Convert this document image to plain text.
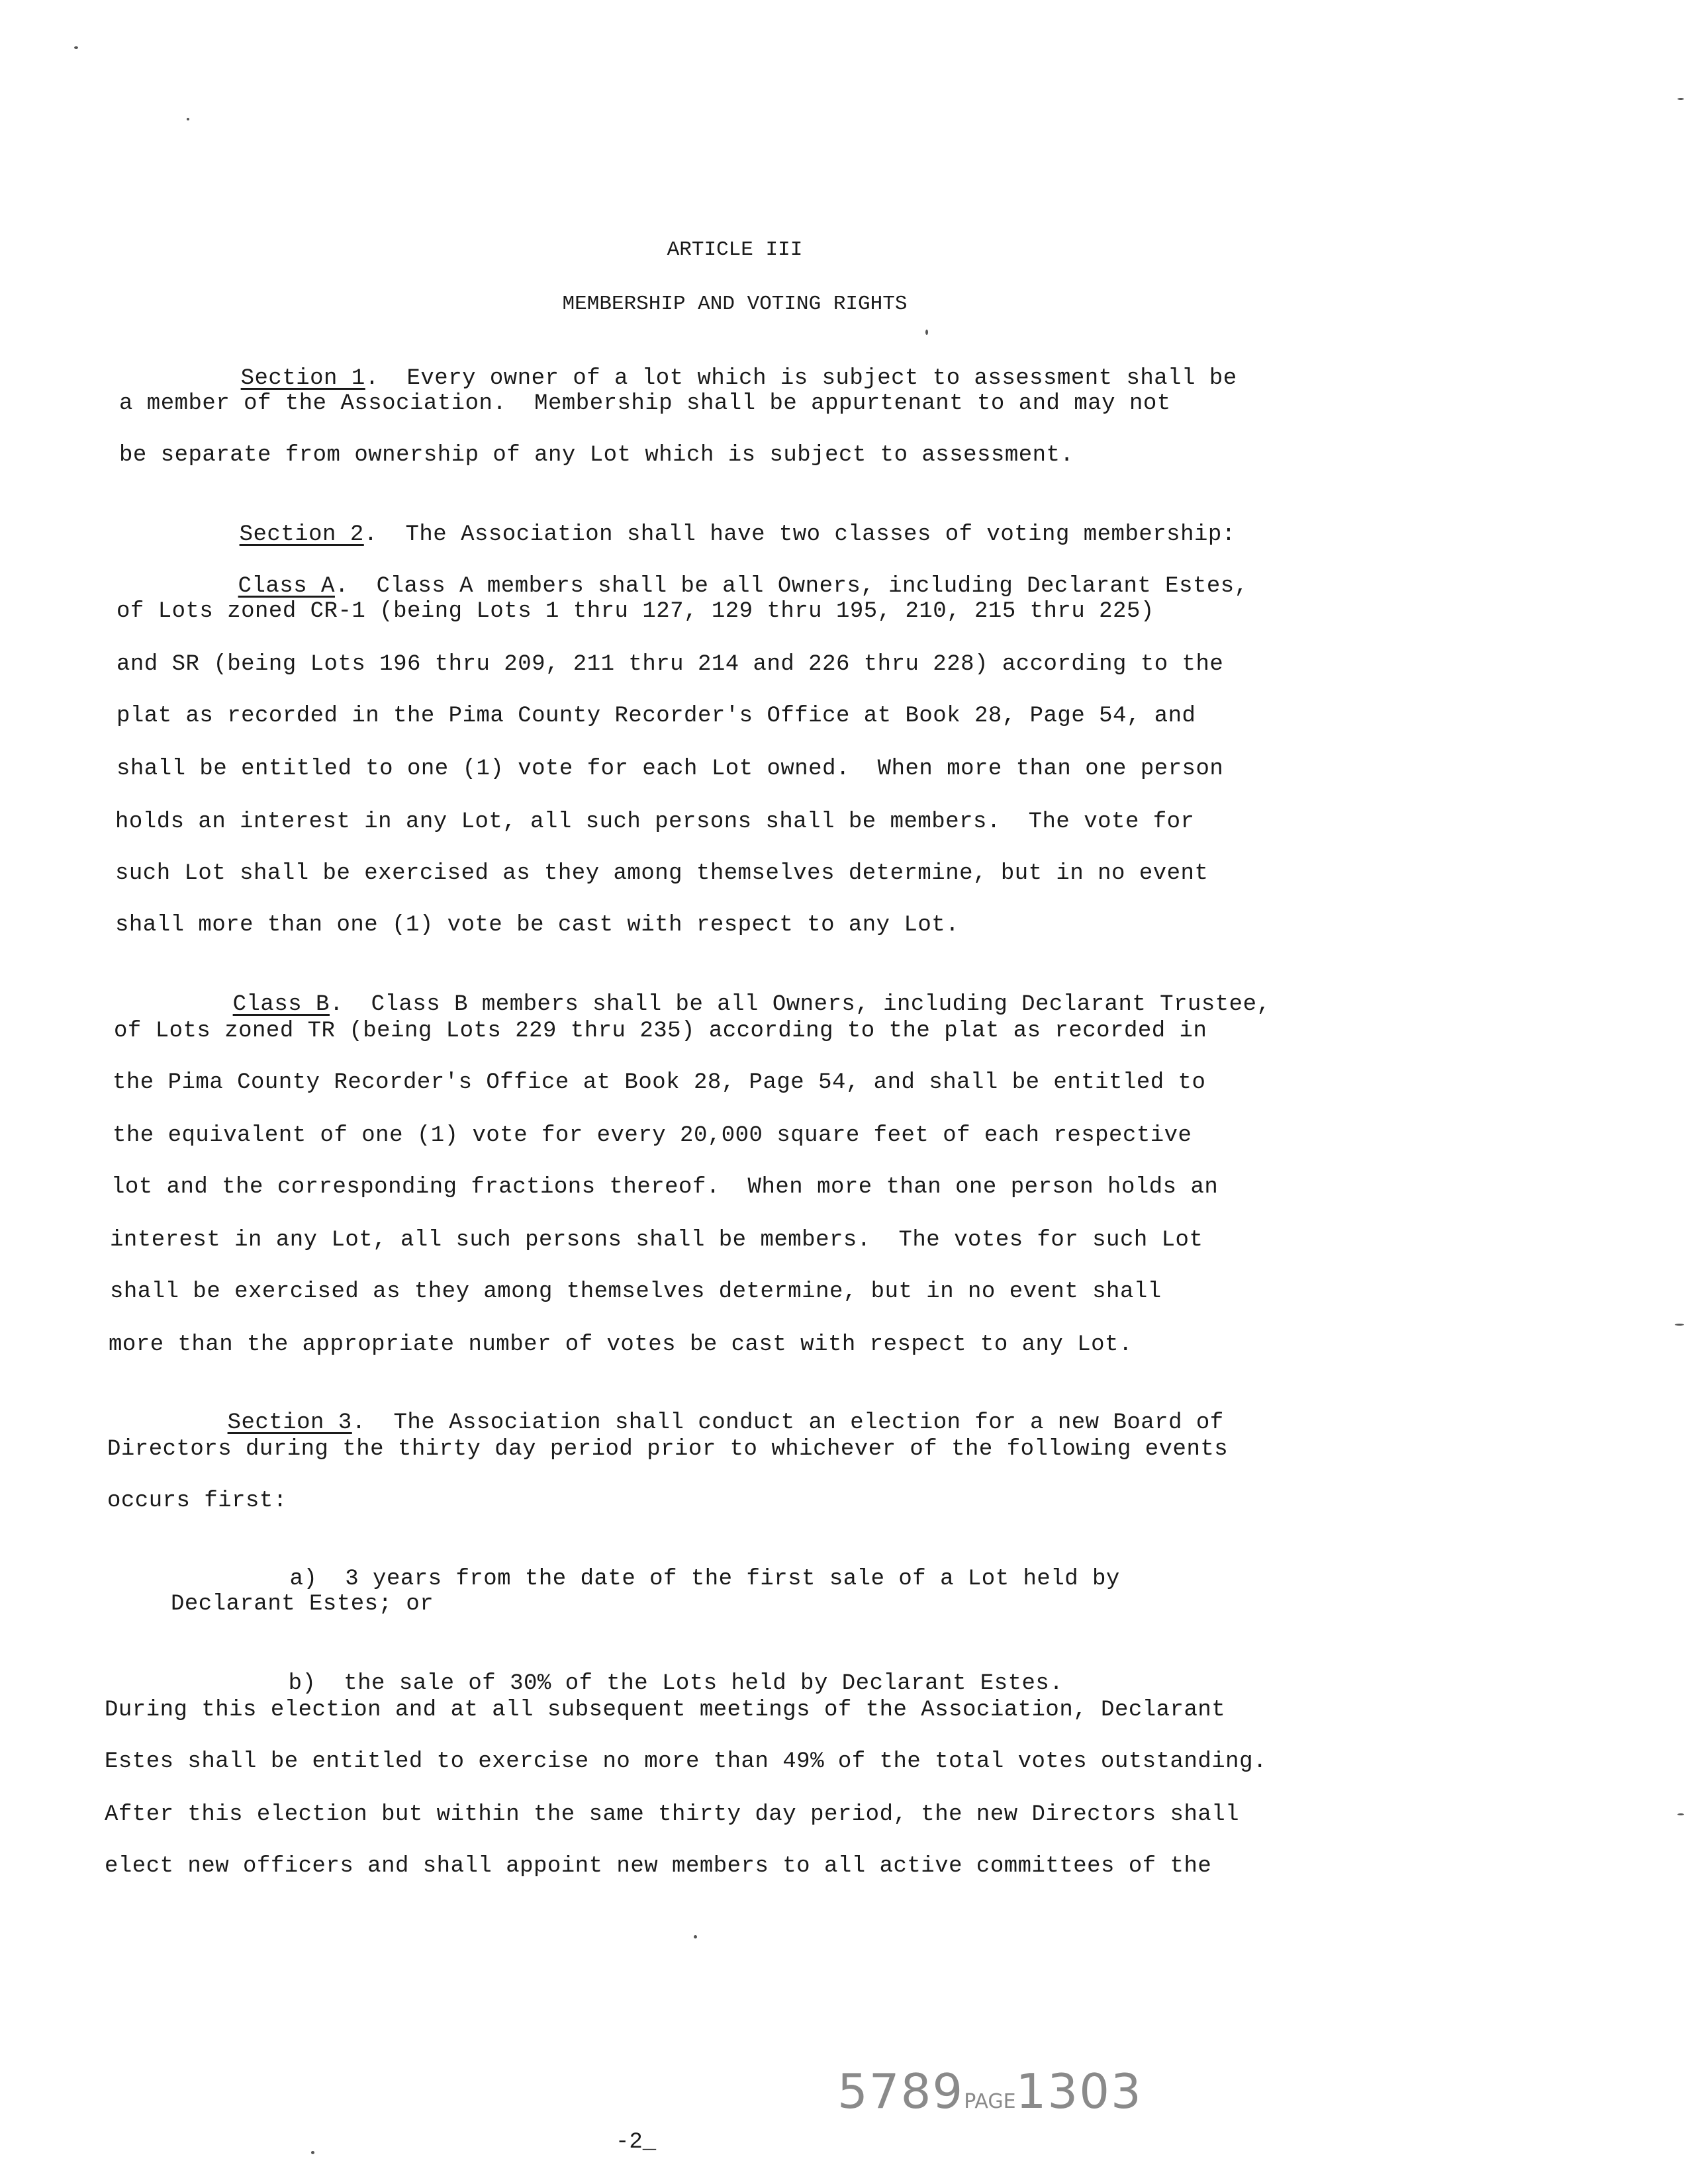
ARTICLE III
MEMBERSHIP AND VOTING RIGHTS

Section 1.  Every owner of a lot which is subject to assessment shall be

a member of the Association.  Membership shall be appurtenant to and may not
be separate from ownership of any Lot which is subject to assessment.

Section 2.  The Association shall have two classes of voting membership:

Class A.  Class A members shall be all Owners, including Declarant Estes,

of Lots zoned CR-1 (being Lots 1 thru 127, 129 thru 195, 210, 215 thru 225)
and SR (being Lots 196 thru 209, 211 thru 214 and 226 thru 228) according to the
plat as recorded in the Pima County Recorder's Office at Book 28, Page 54, and
shall be entitled to one (1) vote for each Lot owned.  When more than one person
holds an interest in any Lot, all such persons shall be members.  The vote for
such Lot shall be exercised as they among themselves determine, but in no event
shall more than one (1) vote be cast with respect to any Lot.

Class B.  Class B members shall be all Owners, including Declarant Trustee,

of Lots zoned TR (being Lots 229 thru 235) according to the plat as recorded in
the Pima County Recorder's Office at Book 28, Page 54, and shall be entitled to
the equivalent of one (1) vote for every 20,000 square feet of each respective
lot and the corresponding fractions thereof.  When more than one person holds an
interest in any Lot, all such persons shall be members.  The votes for such Lot
shall be exercised as they among themselves determine, but in no event shall
more than the appropriate number of votes be cast with respect to any Lot.

Section 3.  The Association shall conduct an election for a new Board of

Directors during the thirty day period prior to whichever of the following events
occurs first:

a) 3 years from the date of the first sale of a Lot held by

Declarant Estes; or

b) the sale of 30% of the Lots held by Declarant Estes.

During this election and at all subsequent meetings of the Association, Declarant
Estes shall be entitled to exercise no more than 49% of the total votes outstanding.
After this election but within the same thirty day period, the new Directors shall
elect new officers and shall appoint new members to all active committees of the
5789PAGE1303
-2_
